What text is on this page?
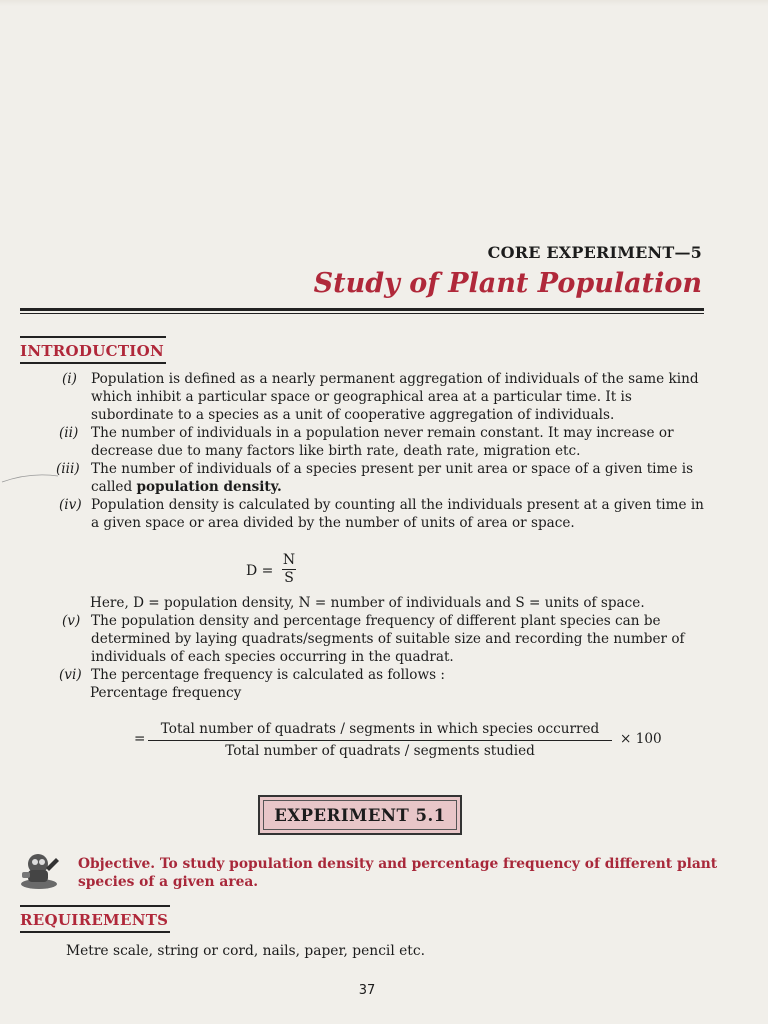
CORE EXPERIMENT—5
Study of Plant Population
INTRODUCTION
(i) Population is defined as a nearly permanent aggregation of individuals of the same kind which inhibit a particular space or geographical area at a particular time. It is subordinate to a species as a unit of cooperative aggregation of individuals.
(ii) The number of individuals in a population never remain constant. It may increase or decrease due to many factors like birth rate, death rate, migration etc.
(iii) The number of individuals of a species present per unit area or space of a given time is called population density.
(iv) Population density is calculated by counting all the individuals present at a given time in a given space or area divided by the number of units of area or space.
D =
N
S
Here, D = population density, N = number of individuals and S = units of space.
(v) The population density and percentage frequency of different plant species can be determined by laying quadrats/segments of suitable size and recording the number of individuals of each species occurring in the quadrat.
(vi) The percentage frequency is calculated as follows :
Percentage frequency
=
Total number of quadrats / segments in which species occurred
Total number of quadrats / segments studied
× 100
EXPERIMENT 5.1
Objective. To study population density and percentage frequency of different plant species of a given area.
REQUIREMENTS
Metre scale, string or cord, nails, paper, pencil etc.
37
